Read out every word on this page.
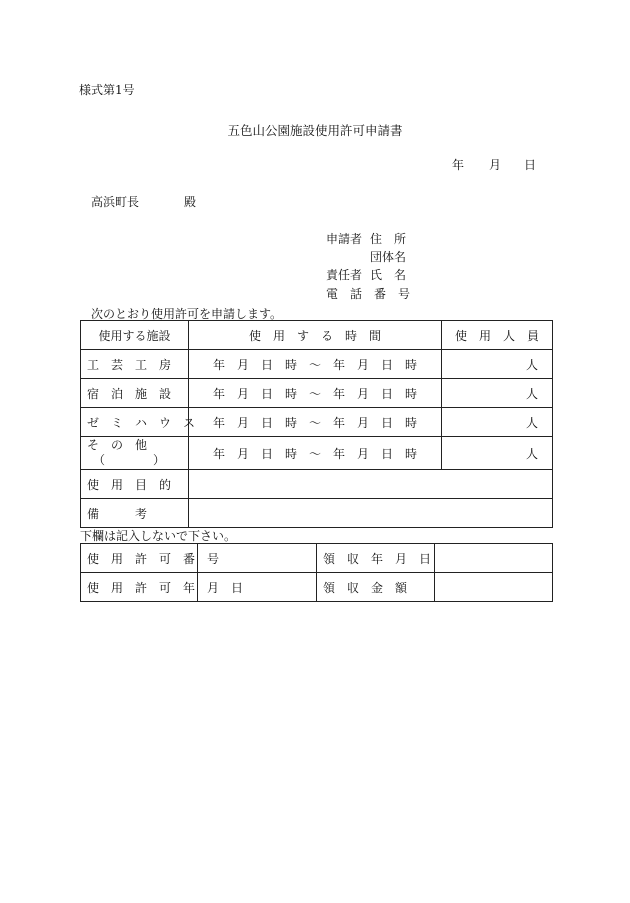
様式第1号
五色山公園施設使用許可申請書
年 月 日
高浜町長	殿
申請者 住　所
団体名
責任者 氏　名
電　話　番　号
次のとおり使用許可を申請します。
使用する施設	使　用　す　る　時　間	使　用　人　員
工　芸　工　房	年　月　日　時　〜　年　月　日　時	人
宿　泊　施　設	年　月　日　時　〜　年　月　日　時	人
ゼ　ミ　ハ　ウ　ス	年　月　日　時　〜　年　月　日　時	人

そ　の　他
（　　　　）	年　月　日　時　〜　年　月　日　時	人
使　用　目　的		
備　　　考		
下欄は記入しないで下さい。
使　用　許　可　番　号		領　収　年　月　日	
使　用　許　可　年　月　日		領　収　金　額	
